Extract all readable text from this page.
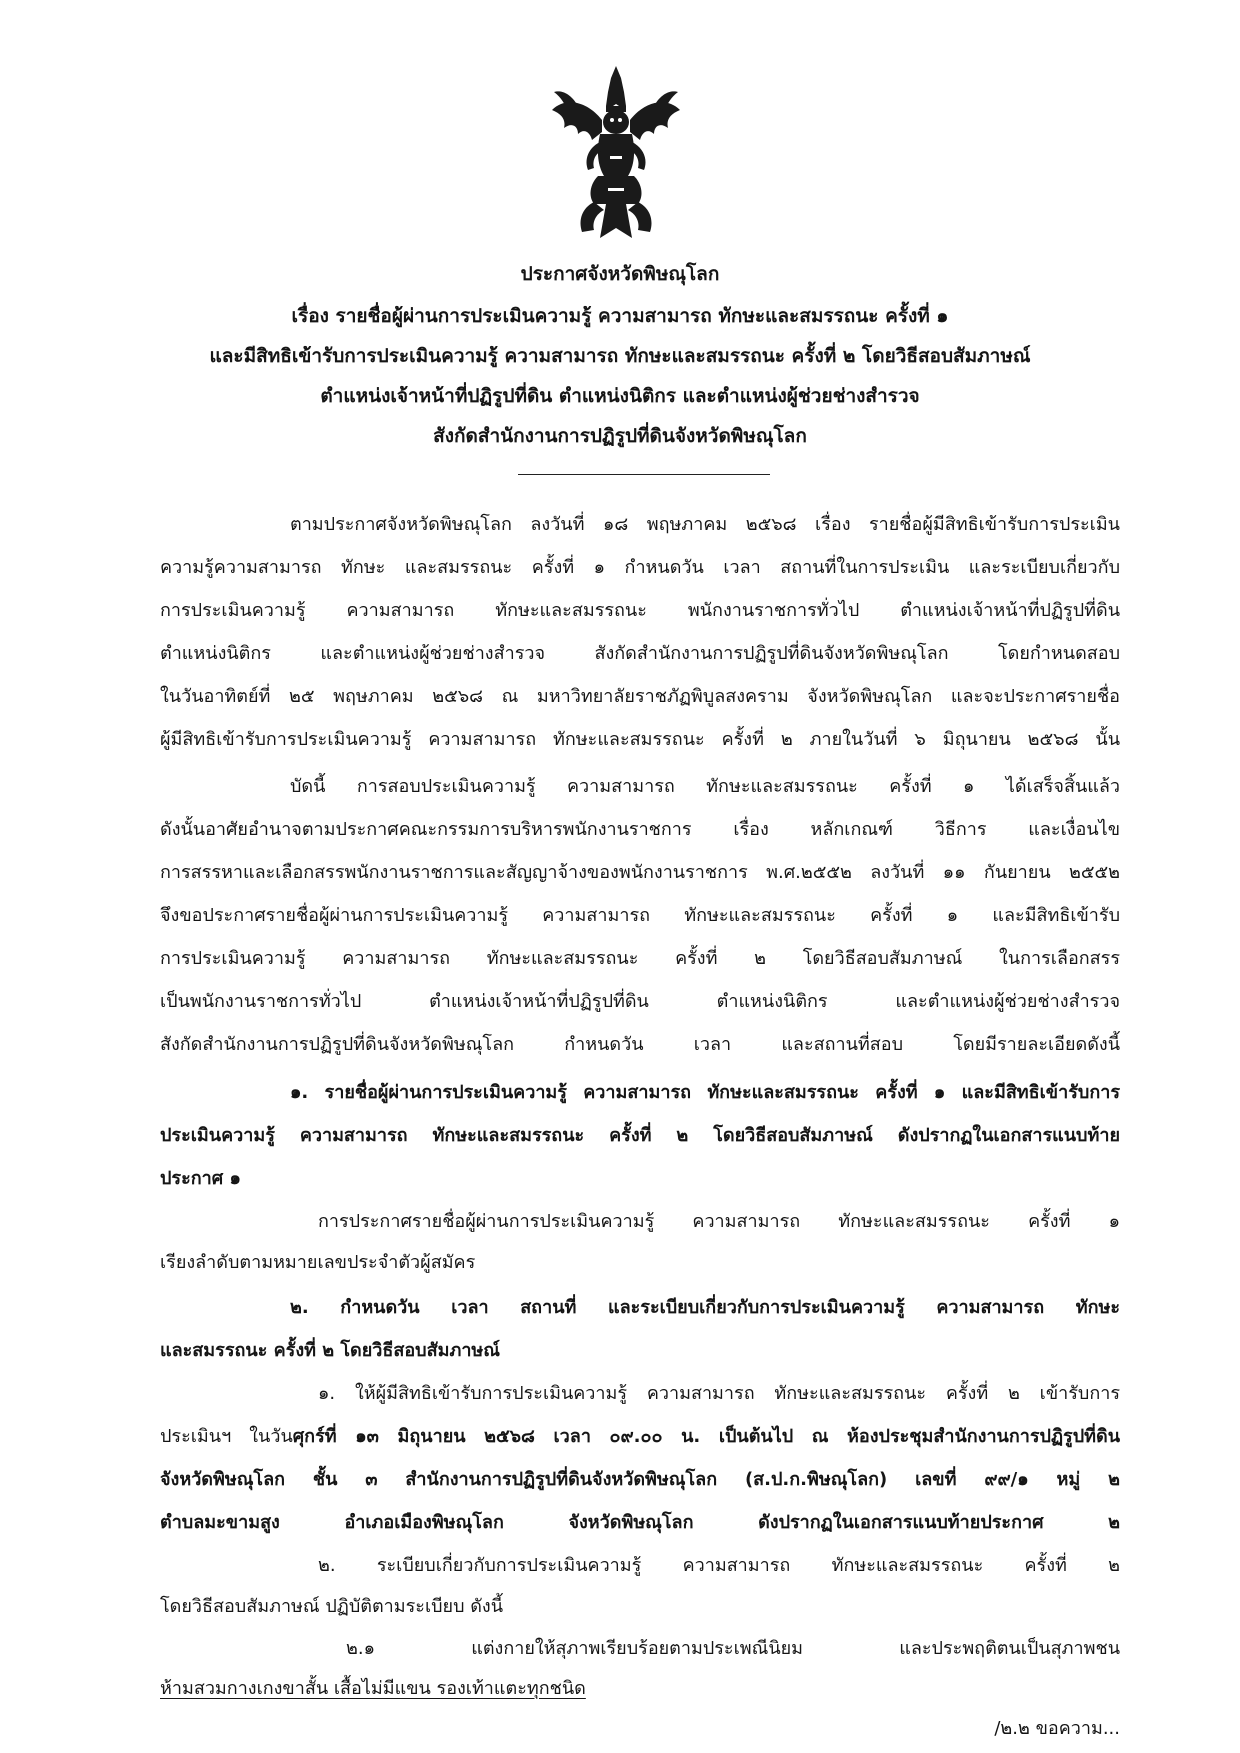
ประกาศจังหวัดพิษณุโลก
เรื่อง รายชื่อผู้ผ่านการประเมินความรู้ ความสามารถ ทักษะและสมรรถนะ ครั้งที่ ๑
และมีสิทธิเข้ารับการประเมินความรู้ ความสามารถ ทักษะและสมรรถนะ ครั้งที่ ๒ โดยวิธีสอบสัมภาษณ์
ตำแหน่งเจ้าหน้าที่ปฏิรูปที่ดิน ตำแหน่งนิติกร และตำแหน่งผู้ช่วยช่างสำรวจ
สังกัดสำนักงานการปฏิรูปที่ดินจังหวัดพิษณุโลก
ตามประกาศจังหวัดพิษณุโลก ลงวันที่ ๑๘ พฤษภาคม ๒๕๖๘ เรื่อง รายชื่อผู้มีสิทธิเข้ารับการประเมิน
ความรู้ความสามารถ ทักษะ และสมรรถนะ ครั้งที่ ๑ กำหนดวัน เวลา สถานที่ในการประเมิน และระเบียบเกี่ยวกับ
การประเมินความรู้ ความสามารถ ทักษะและสมรรถนะ พนักงานราชการทั่วไป ตำแหน่งเจ้าหน้าที่ปฏิรูปที่ดิน
ตำแหน่งนิติกร และตำแหน่งผู้ช่วยช่างสำรวจ สังกัดสำนักงานการปฏิรูปที่ดินจังหวัดพิษณุโลก โดยกำหนดสอบ
ในวันอาทิตย์ที่ ๒๕ พฤษภาคม ๒๕๖๘ ณ มหาวิทยาลัยราชภัฏพิบูลสงคราม จังหวัดพิษณุโลก และจะประกาศรายชื่อ
ผู้มีสิทธิเข้ารับการประเมินความรู้ ความสามารถ ทักษะและสมรรถนะ ครั้งที่ ๒ ภายในวันที่ ๖ มิถุนายน ๒๕๖๘ นั้น
บัดนี้ การสอบประเมินความรู้ ความสามารถ ทักษะและสมรรถนะ ครั้งที่ ๑ ได้เสร็จสิ้นแล้ว
ดังนั้นอาศัยอำนาจตามประกาศคณะกรรมการบริหารพนักงานราชการ เรื่อง หลักเกณฑ์ วิธีการ และเงื่อนไข
การสรรหาและเลือกสรรพนักงานราชการและสัญญาจ้างของพนักงานราชการ พ.ศ.๒๕๕๒ ลงวันที่ ๑๑ กันยายน ๒๕๕๒
จึงขอประกาศรายชื่อผู้ผ่านการประเมินความรู้ ความสามารถ ทักษะและสมรรถนะ ครั้งที่ ๑ และมีสิทธิเข้ารับ
การประเมินความรู้ ความสามารถ ทักษะและสมรรถนะ ครั้งที่ ๒ โดยวิธีสอบสัมภาษณ์ ในการเลือกสรร
เป็นพนักงานราชการทั่วไป ตำแหน่งเจ้าหน้าที่ปฏิรูปที่ดิน ตำแหน่งนิติกร และตำแหน่งผู้ช่วยช่างสำรวจ
สังกัดสำนักงานการปฏิรูปที่ดินจังหวัดพิษณุโลก กำหนดวัน เวลา และสถานที่สอบ โดยมีรายละเอียดดังนี้
๑. รายชื่อผู้ผ่านการประเมินความรู้ ความสามารถ ทักษะและสมรรถนะ ครั้งที่ ๑ และมีสิทธิเข้ารับการ
ประเมินความรู้ ความสามารถ ทักษะและสมรรถนะ ครั้งที่ ๒ โดยวิธีสอบสัมภาษณ์ ดังปรากฏในเอกสารแนบท้าย
ประกาศ ๑
การประกาศรายชื่อผู้ผ่านการประเมินความรู้ ความสามารถ ทักษะและสมรรถนะ ครั้งที่ ๑
เรียงลำดับตามหมายเลขประจำตัวผู้สมัคร
๒. กำหนดวัน เวลา สถานที่ และระเบียบเกี่ยวกับการประเมินความรู้ ความสามารถ ทักษะ
และสมรรถนะ ครั้งที่ ๒ โดยวิธีสอบสัมภาษณ์
๑. ให้ผู้มีสิทธิเข้ารับการประเมินความรู้ ความสามารถ ทักษะและสมรรถนะ ครั้งที่ ๒ เข้ารับการ
ประเมินฯ ในวันศุกร์ที่ ๑๓ มิถุนายน ๒๕๖๘ เวลา ๐๙.๐๐ น. เป็นต้นไป ณ ห้องประชุมสำนักงานการปฏิรูปที่ดิน
จังหวัดพิษณุโลก ชั้น ๓ สำนักงานการปฏิรูปที่ดินจังหวัดพิษณุโลก (ส.ป.ก.พิษณุโลก) เลขที่ ๙๙/๑ หมู่ ๒
ตำบลมะขามสูง อำเภอเมืองพิษณุโลก จังหวัดพิษณุโลก ดังปรากฏในเอกสารแนบท้ายประกาศ ๒
๒. ระเบียบเกี่ยวกับการประเมินความรู้ ความสามารถ ทักษะและสมรรถนะ ครั้งที่ ๒
โดยวิธีสอบสัมภาษณ์ ปฏิบัติตามระเบียบ ดังนี้
๒.๑ แต่งกายให้สุภาพเรียบร้อยตามประเพณีนิยม และประพฤติตนเป็นสุภาพชน
ห้ามสวมกางเกงขาสั้น เสื้อไม่มีแขน รองเท้าแตะทุกชนิด
/๒.๒ ขอความ...
